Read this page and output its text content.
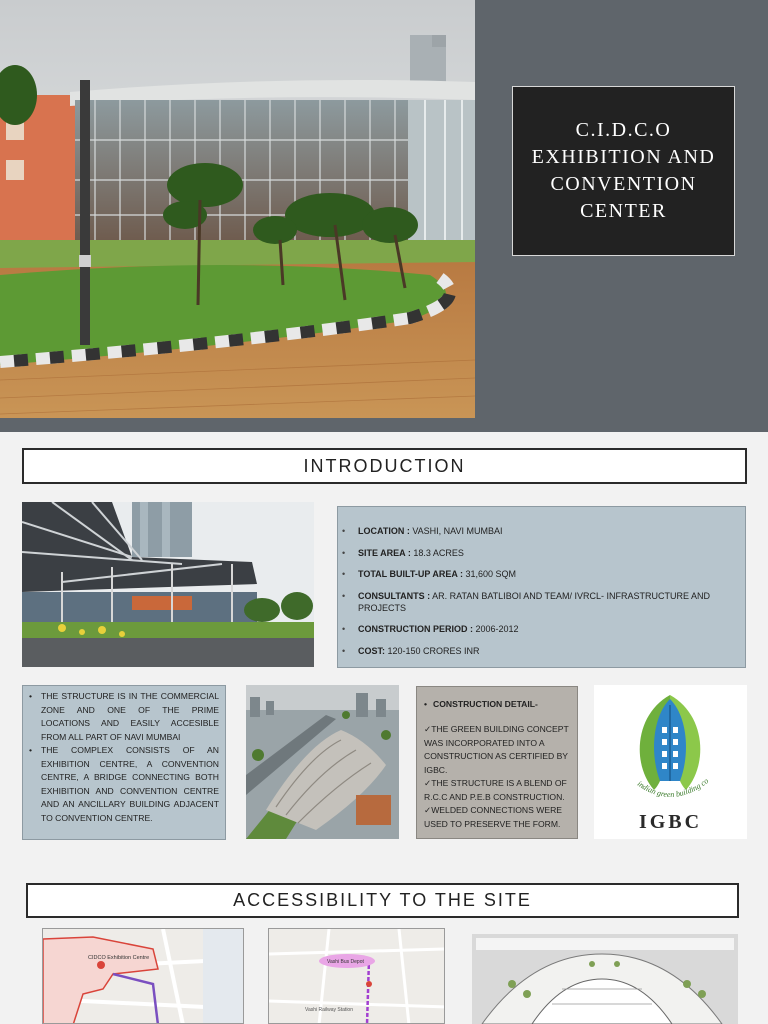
C.I.D.C.O
EXHIBITION AND
CONVENTION
CENTER
INTRODUCTION
• LOCATION : VASHI, NAVI MUMBAI
• SITE AREA : 18.3 ACRES
• TOTAL BUILT-UP AREA : 31,600 SQM
• CONSULTANTS : AR. RATAN BATLIBOI AND TEAM/ IVRCL- INFRASTRUCTURE AND PROJECTS
• CONSTRUCTION PERIOD : 2006-2012
• COST: 120-150 CRORES INR
• THE STRUCTURE IS IN THE COMMERCIAL ZONE AND ONE OF THE PRIME LOCATIONS AND EASILY ACCESIBLE FROM ALL PART OF NAVI MUMBAI
• THE COMPLEX CONSISTS OF AN EXHIBITION CENTRE, A CONVENTION CENTRE, A BRIDGE CONNECTING BOTH EXHIBITION AND CONVENTION CENTRE AND AN ANCILLARY BUILDING ADJACENT TO CONVENTION CENTRE.
• CONSTRUCTION DETAIL-

✓THE GREEN BUILDING CONCEPT WAS INCORPORATED INTO A CONSTRUCTION AS CERTIFIED BY IGBC.

✓THE STRUCTURE IS A BLEND OF R.C.C AND P.E.B CONSTRUCTION.

✓WELDED CONNECTIONS WERE USED TO PRESERVE THE FORM.

indian green building co
IGBC
ACCESSIBILITY TO THE SITE
CIDCO Exhibition Centre
Vashi Bus Depot
Vashi Railway Station
